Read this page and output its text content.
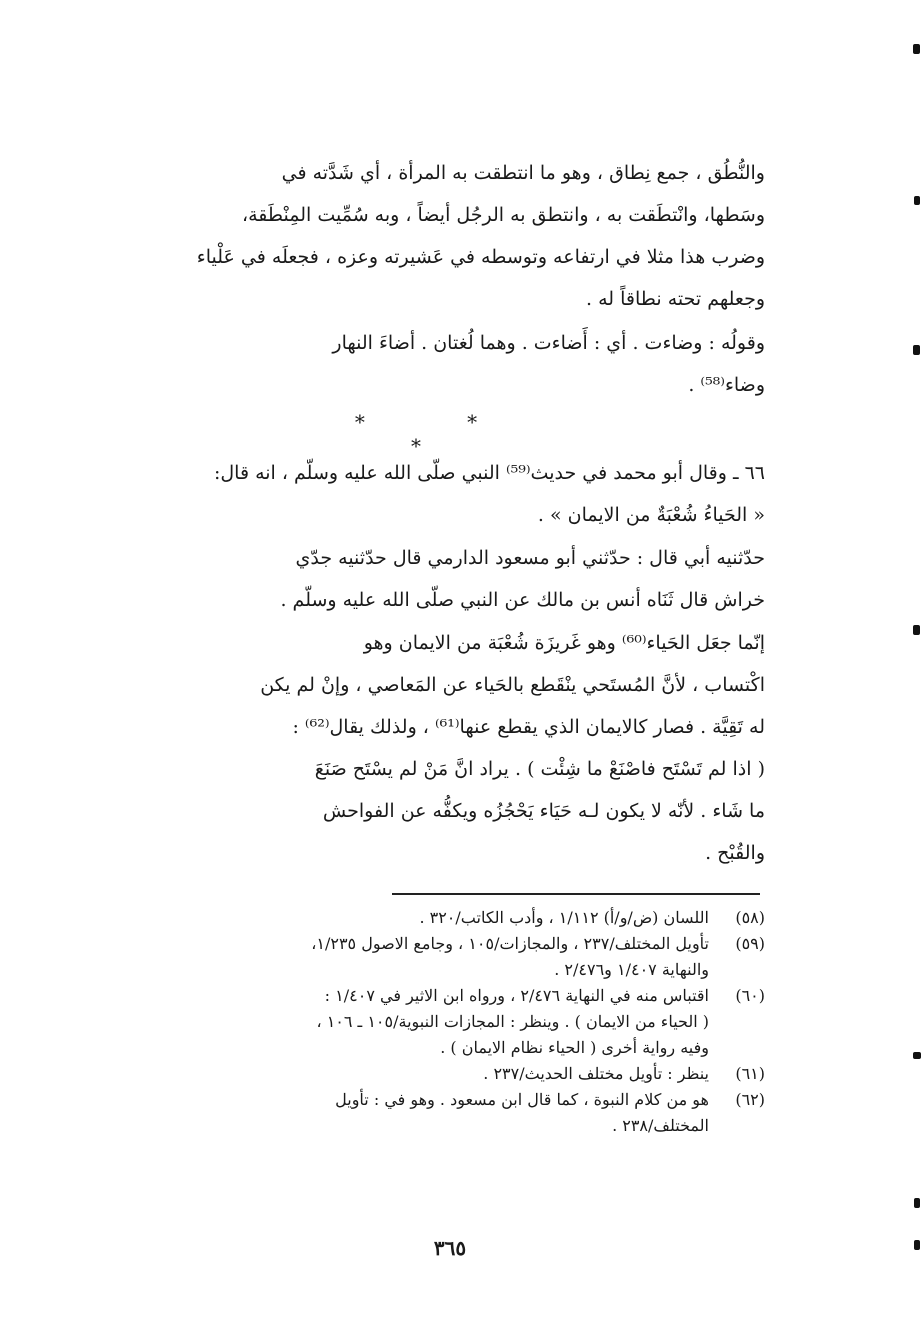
والنُّطُق ، جمع نِطاق ، وهو ما انتطقت به المرأة ، أي شَدَّته في
وسَطها، وانْتطَقت به ، وانتطق به الرجُل أيضاً ، وبه سُمِّيت المِنْطَقة،
وضرب هذا مثلا في ارتفاعه وتوسطه في عَشيرته وعزه ، فجعلَه في عَلْياء
وجعلهم تحته نطاقاً له .
وقولُه : وضاءت . أي : أَضاءت . وهما لُغتان . أضاءَ النهار
وضاء⁽⁵⁸⁾ .
* * *
٦٦ ـ وقال أبو محمد في حديث⁽⁵⁹⁾ النبي صلّى الله عليه وسلّم ، انه قال:
« الحَياءُ شُعْبَةٌ من الايمان » .
حدّثنيه أبي قال : حدّثني أبو مسعود الدارمي قال حدّثنيه جدّي
خراش قال ثَنَاه أنس بن مالك عن النبي صلّى الله عليه وسلّم .
إنّما جعَل الحَياء⁽⁶⁰⁾ وهو غَريزَة شُعْبَة من الايمان وهو
اكْتساب ، لأنَّ المُستَحي ينْقَطع بالحَياء عن المَعاصي ، وإنْ لم يكن
له تَقِيَّة . فصار كالايمان الذي يقطع عنها⁽⁶¹⁾ ، ولذلك يقال⁽⁶²⁾ :
( اذا لم تَسْتَح فاصْنَعْ ما شِئْت ) . يراد انَّ مَنْ لم يسْتَح صَنَعَ
ما شَاء . لأنّه لا يكون لـه حَيَاء يَحْجُزُه ويكفُّه عن الفواحش
والقُبْح .
(٥٨)
اللسان (ض/و/أ) ١/١١٢ ، وأدب الكاتب/٣٢٠ .
(٥٩)
تأويل المختلف/٢٣٧ ، والمجازات/١٠٥ ، وجامع الاصول ١/٢٣٥،
والنهاية ١/٤٠٧ و٢/٤٧٦ .
(٦٠)
اقتباس منه في النهاية ٢/٤٧٦ ، ورواه ابن الاثير في ١/٤٠٧ :
( الحياء من الايمان ) . وينظر : المجازات النبوية/١٠٥ ـ ١٠٦ ،
وفيه رواية أخرى ( الحياء نظام الايمان ) .
(٦١)
ينظر : تأويل مختلف الحديث/٢٣٧ .
(٦٢)
هو من كلام النبوة ، كما قال ابن مسعود . وهو في : تأويل
المختلف/٢٣٨ .
٣٦٥
